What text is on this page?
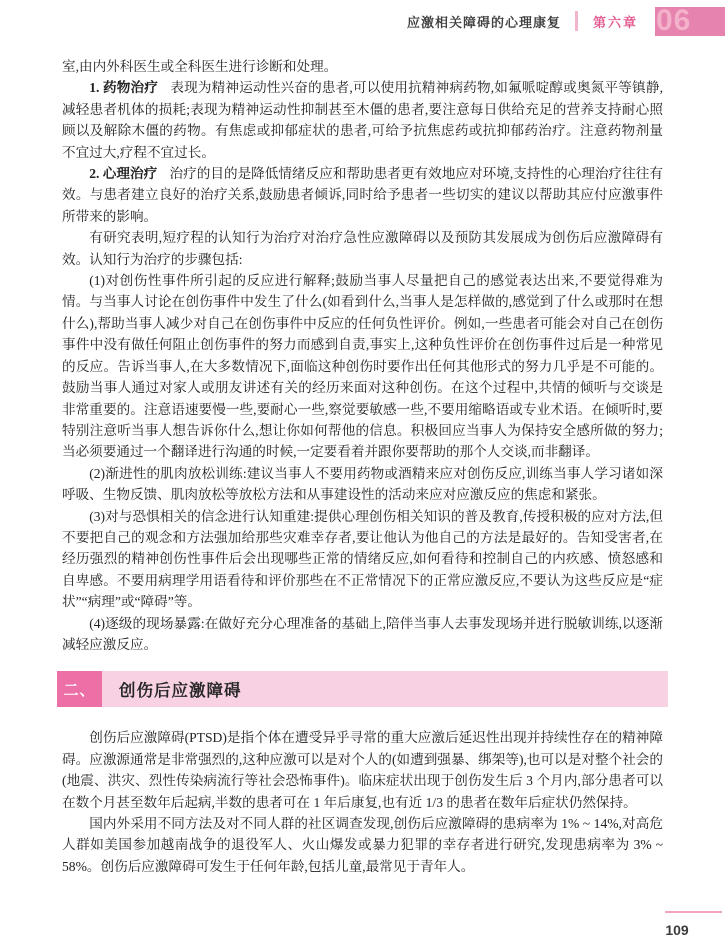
应激相关障碍的心理康复 第六章 06

室,由内外科医生或全科医生进行诊断和处理。

1. 药物治疗 表现为精神运动性兴奋的患者,可以使用抗精神病药物,如氟哌啶醇或奥氮平等镇静,减轻患者机体的损耗;表现为精神运动性抑制甚至木僵的患者,要注意每日供给充足的营养支持耐心照顾以及解除木僵的药物。有焦虑或抑郁症状的患者,可给予抗焦虑药或抗抑郁药治疗。注意药物剂量不宜过大,疗程不宜过长。

2. 心理治疗 治疗的目的是降低情绪反应和帮助患者更有效地应对环境,支持性的心理治疗往往有效。与患者建立良好的治疗关系,鼓励患者倾诉,同时给予患者一些切实的建议以帮助其应付应激事件所带来的影响。

有研究表明,短疗程的认知行为治疗对治疗急性应激障碍以及预防其发展成为创伤后应激障碍有效。认知行为治疗的步骤包括:

(1)对创伤性事件所引起的反应进行解释;鼓励当事人尽量把自己的感觉表达出来,不要觉得难为情。与当事人讨论在创伤事件中发生了什么(如看到什么,当事人是怎样做的,感觉到了什么或那时在想什么),帮助当事人减少对自己在创伤事件中反应的任何负性评价。例如,一些患者可能会对自己在创伤事件中没有做任何阻止创伤事件的努力而感到自责,事实上,这种负性评价在创伤事件过后是一种常见的反应。告诉当事人,在大多数情况下,面临这种创伤时要作出任何其他形式的努力几乎是不可能的。鼓励当事人通过对家人或朋友讲述有关的经历来面对这种创伤。在这个过程中,共情的倾听与交谈是非常重要的。注意语速要慢一些,要耐心一些,察觉要敏感一些,不要用缩略语或专业术语。在倾听时,要特别注意听当事人想告诉你什么,想让你如何帮他的信息。积极回应当事人为保持安全感所做的努力;当必须要通过一个翻译进行沟通的时候,一定要看着并跟你要帮助的那个人交谈,而非翻译。

(2)渐进性的肌肉放松训练:建议当事人不要用药物或酒精来应对创伤反应,训练当事人学习诸如深呼吸、生物反馈、肌肉放松等放松方法和从事建设性的活动来应对应激反应的焦虑和紧张。

(3)对与恐惧相关的信念进行认知重建:提供心理创伤相关知识的普及教育,传授积极的应对方法,但不要把自己的观念和方法强加给那些灾难幸存者,要让他认为他自己的方法是最好的。告知受害者,在经历强烈的精神创伤性事件后会出现哪些正常的情绪反应,如何看待和控制自己的内疚感、愤怒感和自卑感。不要用病理学用语看待和评价那些在不正常情况下的正常应激反应,不要认为这些反应是“症状”“病理”或“障碍”等。

(4)逐级的现场暴露:在做好充分心理准备的基础上,陪伴当事人去事发现场并进行脱敏训练,以逐渐减轻应激反应。

二、	创伤后应激障碍

创伤后应激障碍(PTSD)是指个体在遭受异乎寻常的重大应激后延迟性出现并持续性存在的精神障碍。应激源通常是非常强烈的,这种应激可以是对个人的(如遭到强暴、绑架等),也可以是对整个社会的(地震、洪灾、烈性传染病流行等社会恐怖事件)。临床症状出现于创伤发生后 3 个月内,部分患者可以在数个月甚至数年后起病,半数的患者可在 1 年后康复,也有近 1/3 的患者在数年后症状仍然保持。

国内外采用不同方法及对不同人群的社区调查发现,创伤后应激障碍的患病率为 1% ~ 14%,对高危人群如美国参加越南战争的退役军人、火山爆发或暴力犯罪的幸存者进行研究,发现患病率为 3% ~ 58%。创伤后应激障碍可发生于任何年龄,包括儿童,最常见于青年人。

109
